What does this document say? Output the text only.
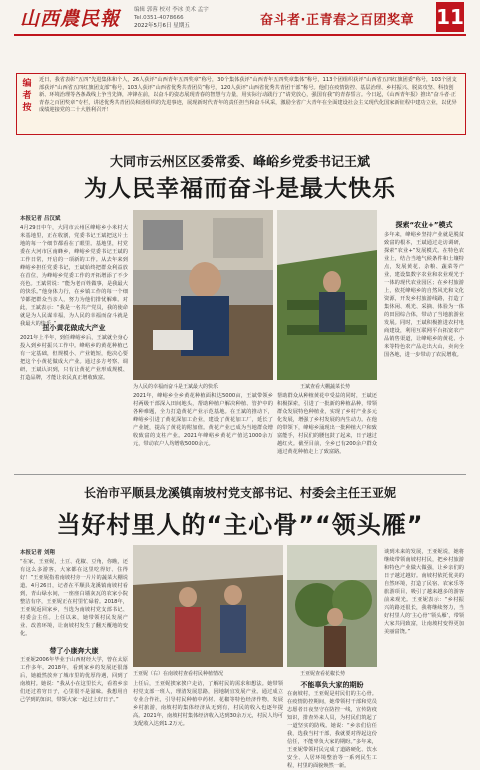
山西農民報	编辑 郭蓉 校对 李冰 美术 孟宇
Tel.0351-4078666
2022年5月6日 星期五	奋斗者·正青春之百团奖章 11
编者按
近日，我省表彰“五四”先进集体和个人，26人获评“山西青年五四奖章”称号，30个集体获评“山西青年五四奖章集体”称号，113个团组织获评“山西省五四红旗团委”称号，103个团支部获评“山西省五四红旗团支部”称号，103人获评“山西省优秀共青团员”称号，120人获评“山西省优秀共青团干部”称号。他们在疫情防控、基层治理、乡村振兴、脱贫攻坚、科技创新、环境治理等各条战线上争当先锋，冲锋在前，以奋斗的姿态展现青春的智慧与力量，用实际行动践行了“请党放心，强国有我”的青春誓言。今日起，《山西青年报》推出“奋斗者·正青春之百团奖章”专栏，讲述优秀共青团员和团组织的先进事迹，展现新时代青年的责任担当和奋斗风采，激励全省广大青年在全面建设社会主义现代化国家新征程中建功立业，以优异成绩迎接党的二十大胜利召开！
大同市云州区区委常委、峰峪乡党委书记王斌
为人民幸福而奋斗是最大快乐
本报记者 吕汉斌
4月29日中午，大同市云州区峰峪乡小米村大米基地里，正在收割，党委书记王斌把这片土地的每一个细节都看在了眼里。基地里，村党委在大河市区南蜂乡，峰峪乡党委书记王斌的工作日常，开启的一项新的工作。从去年来到峰峪乡担任党委书记，王斌始终把群众利益放在首位，为峰峪乡党委工作的开拓增添了不少亮色。王斌常说：“能为老百姓做事，是我最大的快乐。”他身体力行，在乡镇工作的每一个细节都把群众当亲人，努力为他们排忧解难。对此，王斌表示：“我是一名共产党员，我的使命就是为人民谋幸福，为人民的幸福而奋斗就是我最大的快乐。”
扭小黄花做成大产业
2021年上半年，到任峰峪乡后，王斌就全身心投入到乡村振兴工作中。峰峪乡的黄花种植已有一定基础，但规模小、产业链短，他决心要把这个小黄花做成大产业。通过多方考察、调研，王斌认识到，只有让黄花产业形成规模、打造品牌，才能让农民真正增收致富。
为人民的幸福而奋斗是王斌最大的快乐	王斌查看大棚蔬菜长势
2021年，峰峪乡全乡黄花种植面积达5000亩，王斌带领乡村两级干部深入田间地头，帮助种植户解决种植、管护中的各种难题，全力打造黄花产业示范基地。在王斌的推动下，峰峪乡引进了黄花深加工企业，建设了黄花加工厂，延长了产业链，提高了黄花的附加值。黄花产业已成为当地群众增收致富的支柱产业。2021年峰峪乡黄花产值达1000余万元，带动农户人均增收5000余元。
帮助群众从种植黄花中受益的同时，王斌还积极探索，引进了一批新的种植品种，带领群众发展特色种植业，实现了乡村产业多元化发展，增强了乡村发展的内生动力。在他的带领下，峰峪乡涌现出一批种植大户和致富能手，村民们的腰包鼓了起来，日子越过越红火。截至目前，全乡已有200余户群众通过黄花种植走上了致富路。
探索“农业+”模式
多年来，峰峪乡坚持产业就是脱贫致富的根本，王斌通过走访调研，探索“农业+”发展模式。在特色农业上，结合当地气候条件和土壤特点，发展黄花、杂粮、蔬菜等产业，建设集数字农业和农业观光于一体的现代农业园区；在乡村旅游上，依托峰峪乡的自然风光和文化资源，开发乡村旅游线路，打造了集休闲、观光、采摘、体验为一体的田园综合体，带动了当地旅游业发展。同时，王斌积极推进农村电商建设，利用互联网平台拓宽农产品销售渠道，让峰峪乡的黄花、小米等特色农产品走出大山，卖向全国各地，进一步带动了农民增收。
长治市平顺县龙溪镇南坡村党支部书记、村委会主任王亚妮
当好村里人的“主心骨”“领头雁”
本报记者 刘翔
“在家，王亚妮，土豆、花椒、豆角，你瞧，还有这么多游客，大家都在这里吃得好、住得好！”王亚妮指着南坡村旁一片片的蔬菜大棚说道。4月26日，记者在平顺县龙溪镇南坡村看到，青山绿水间，一座座白墙灰瓦的农家小院整洁有序，王亚妮正在村里忙碌着。2018年，王亚妮返回家乡，当选为南坡村党支部书记、村委会主任。上任以来，她带领村民发展产业、改善环境，让南坡村发生了翻天覆地的变化。
带了小康奔大康
王亚妮2006年毕业于山西财经大学，曾在太原工作多年。2018年，看到家乡的发展还很落后，她毅然放弃了城市里的优厚待遇，回到了南坡村。她说：“我从小在这里长大，看着乡亲们还过着穷日子，心里很不是滋味。我想用自己学到的知识，带领大家一起过上好日子。”
王亚妮（右）在南坡村查看村民种植情况	王亚妮查看花椒长势
上任后，王亚妮挨家挨户走访，了解村民的需求和想法。她带领村党支部一班人，理清发展思路，因地制宜发展产业。通过成立专业合作社，引导村民种植中药材、花椒等特色经济作物，发展乡村旅游，南坡村的集体经济从无到有，村民的收入也逐年提高。2021年，南坡村村集体经济收入达到30余万元，村民人均可支配收入达到1.2万元。
不能辜负大家的期盼
在南坡村，王亚妮是村民们的主心骨。在疫情防控期间，她带领村干部和党员志愿者日夜坚守在防控一线，宣传防疫知识，排查外来人员，为村民们筑起了一道坚实的防线。她说：“乡亲们信任我，选我当村干部，我就要对得起这份信任，不能辜负大家的期盼。”多年来，王亚妮带领村民完成了道路硬化、饮水安全、人居环境整治等一系列民生工程，村里的面貌焕然一新。
谈到未来的发展，王亚妮说，她将继续带领南坡村村民，把乡村旅游和特色产业做大做强，让乡亲们的日子越过越好。南坡村依托优美的自然环境，打造了民宿、农家乐等旅游项目，吸引了越来越多的游客前来观光。王亚妮表示：“乡村振兴的路还很长，我将继续努力，当好村里人的‘主心骨’‘领头雁’，带领大家共同致富，让南坡村变得更加美丽富饶。”
